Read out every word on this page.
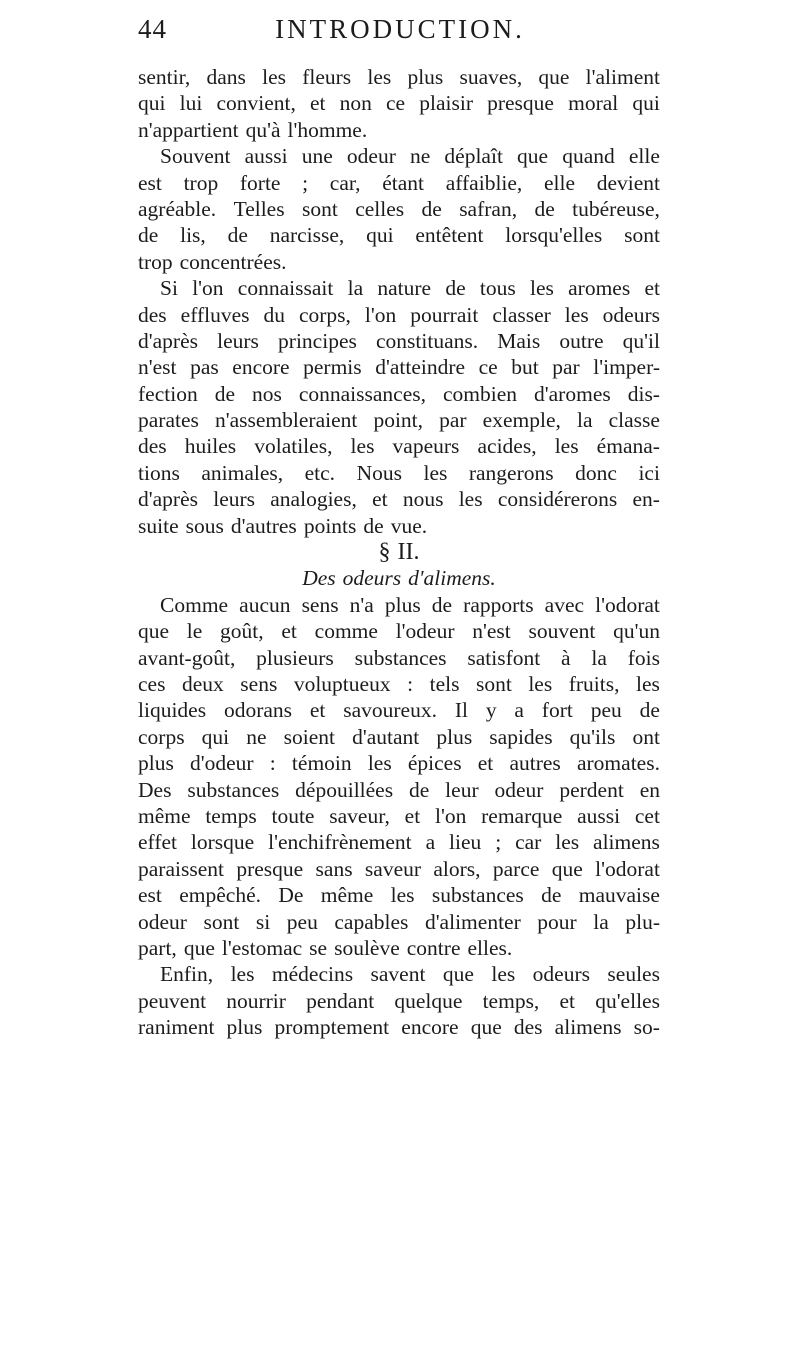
44	INTRODUCTION.
sentir, dans les fleurs les plus suaves, que l'aliment
qui lui convient, et non ce plaisir presque moral qui
n'appartient qu'à l'homme.
Souvent aussi une odeur ne déplaît que quand elle
est trop forte ; car, étant affaiblie, elle devient
agréable. Telles sont celles de safran, de tubéreuse,
de lis, de narcisse, qui entêtent lorsqu'elles sont
trop concentrées.
Si l'on connaissait la nature de tous les aromes et
des effluves du corps, l'on pourrait classer les odeurs
d'après leurs principes constituans. Mais outre qu'il
n'est pas encore permis d'atteindre ce but par l'imper-
fection de nos connaissances, combien d'aromes dis-
parates n'assembleraient point, par exemple, la classe
des huiles volatiles, les vapeurs acides, les émana-
tions animales, etc. Nous les rangerons donc ici
d'après leurs analogies, et nous les considérerons en-
suite sous d'autres points de vue.
§ II.
Des odeurs d'alimens.
Comme aucun sens n'a plus de rapports avec l'odorat
que le goût, et comme l'odeur n'est souvent qu'un
avant-goût, plusieurs substances satisfont à la fois
ces deux sens voluptueux : tels sont les fruits, les
liquides odorans et savoureux. Il y a fort peu de
corps qui ne soient d'autant plus sapides qu'ils ont
plus d'odeur : témoin les épices et autres aromates.
Des substances dépouillées de leur odeur perdent en
même temps toute saveur, et l'on remarque aussi cet
effet lorsque l'enchifrènement a lieu ; car les alimens
paraissent presque sans saveur alors, parce que l'odorat
est empêché. De même les substances de mauvaise
odeur sont si peu capables d'alimenter pour la plu-
part, que l'estomac se soulève contre elles.
Enfin, les médecins savent que les odeurs seules
peuvent nourrir pendant quelque temps, et qu'elles
raniment plus promptement encore que des alimens so-
